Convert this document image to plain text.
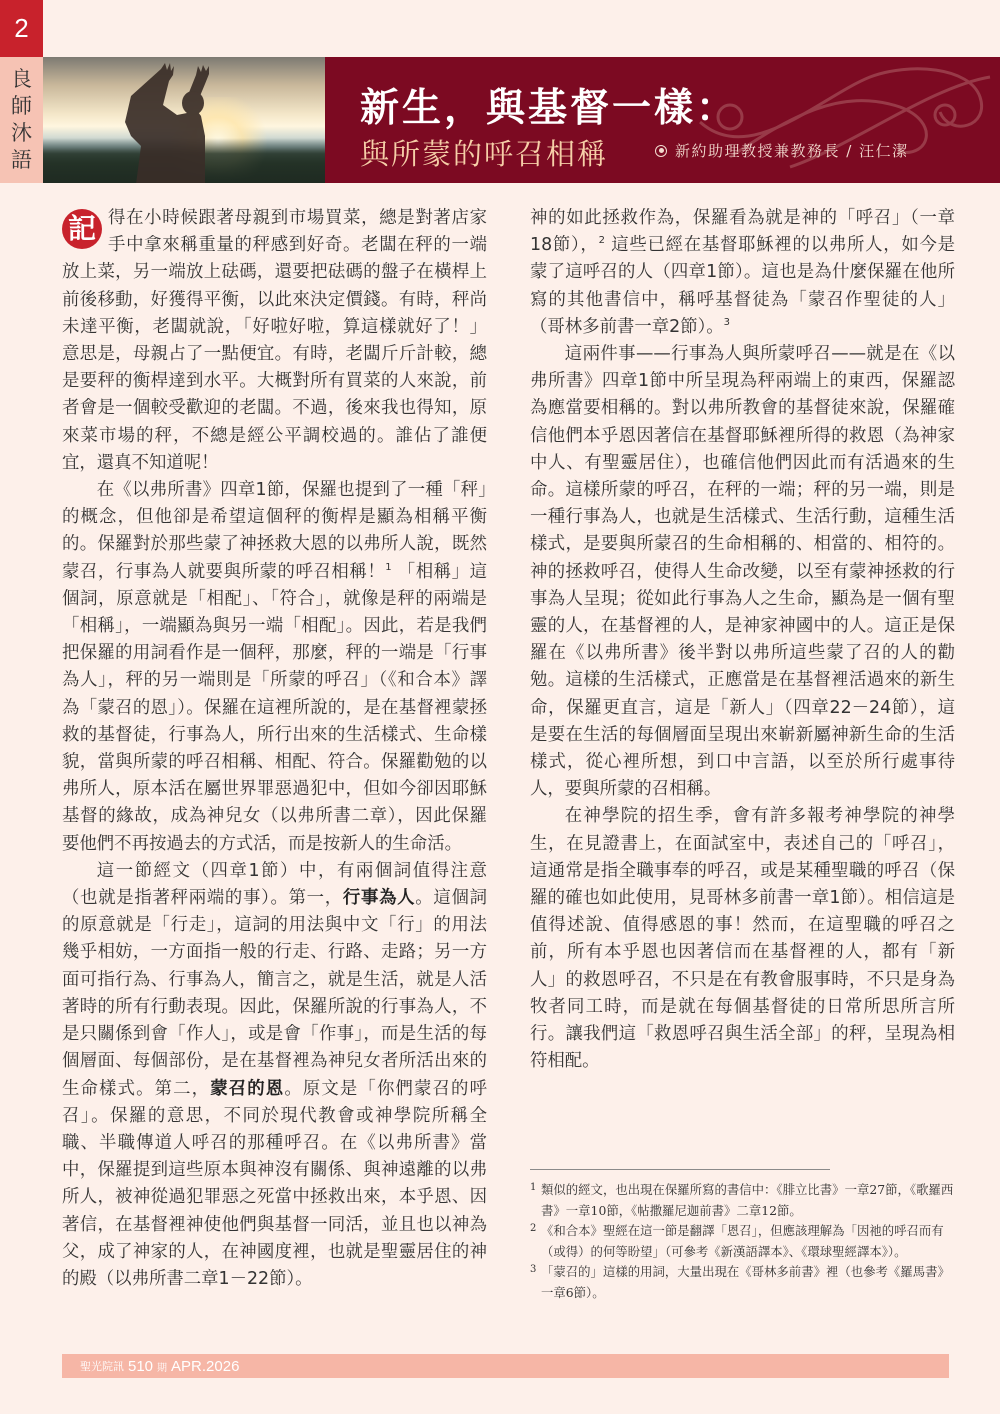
2
良
師
沐
語
新生，與基督一樣：
與所蒙的呼召相稱	新約助理教授兼教務長 / 汪仁潔

記 得在小時候跟著母親到市場買菜，總是對著店家手中拿來稱重量的秤感到好奇。老闆在秤的一端放上菜，另一端放上砝碼，還要把砝碼的盤子在橫桿上前後移動，好獲得平衡，以此來決定價錢。有時，秤尚未達平衡，老闆就說，「好啦好啦，算這樣就好了！」意思是，母親占了一點便宜。有時，老闆斤斤計較，總是要秤的衡桿達到水平。大概對所有買菜的人來說，前者會是一個較受歡迎的老闆。不過，後來我也得知，原來菜市場的秤，不總是經公平調校過的。誰佔了誰便宜，還真不知道呢！

在《以弗所書》四章1節，保羅也提到了一種「秤」的概念，但他卻是希望這個秤的衡桿是顯為相稱平衡的。保羅對於那些蒙了神拯救大恩的以弗所人說，既然蒙召，行事為人就要與所蒙的呼召相稱！$^1$ 「相稱」這個詞，原意就是「相配」、「符合」，就像是秤的兩端是「相稱」，一端顯為與另一端「相配」。因此，若是我們把保羅的用詞看作是一個秤，那麼，秤的一端是「行事為人」，秤的另一端則是「所蒙的呼召」（《和合本》譯為「蒙召的恩」）。保羅在這裡所說的，是在基督裡蒙拯救的基督徒，行事為人，所行出來的生活樣式、生命樣貌，當與所蒙的呼召相稱、相配、符合。保羅勸勉的以弗所人，原本活在屬世界罪惡過犯中，但如今卻因耶穌基督的緣故，成為神兒女（以弗所書二章），因此保羅要他們不再按過去的方式活，而是按新人的生命活。

這一節經文（四章1節）中，有兩個詞值得注意（也就是指著秤兩端的事）。第一，行事為人。這個詞的原意就是「行走」，這詞的用法與中文「行」的用法幾乎相妨，一方面指一般的行走、行路、走路；另一方面可指行為、行事為人，簡言之，就是生活，就是人活著時的所有行動表現。因此，保羅所說的行事為人，不是只關係到會「作人」，或是會「作事」，而是生活的每個層面、每個部份，是在基督裡為神兒女者所活出來的生命樣式。第二，蒙召的恩。原文是「你們蒙召的呼召」。保羅的意思，不同於現代教會或神學院所稱全職、半職傳道人呼召的那種呼召。在《以弗所書》當中，保羅提到這些原本與神沒有關係、與神遠離的以弗所人，被神從過犯罪惡之死當中拯救出來，本乎恩、因著信，在基督裡神使他們與基督一同活，並且也以神為父，成了神家的人，在神國度裡，也就是聖靈居住的神的殿（以弗所書二章1－22節）。

神的如此拯救作為，保羅看為就是神的「呼召」（一章18節），$^2$ 這些已經在基督耶穌裡的以弗所人，如今是蒙了這呼召的人（四章1節）。這也是為什麼保羅在他所寫的其他書信中，稱呼基督徒為「蒙召作聖徒的人」（哥林多前書一章2節）。$^3$

這兩件事——行事為人與所蒙呼召——就是在《以弗所書》四章1節中所呈現為秤兩端上的東西，保羅認為應當要相稱的。對以弗所教會的基督徒來說，保羅確信他們本乎恩因著信在基督耶穌裡所得的救恩（為神家中人、有聖靈居住），也確信他們因此而有活過來的生命。這樣所蒙的呼召，在秤的一端；秤的另一端，則是一種行事為人，也就是生活樣式、生活行動，這種生活樣式，是要與所蒙召的生命相稱的、相當的、相符的。神的拯救呼召，使得人生命改變，以至有蒙神拯救的行事為人呈現；從如此行事為人之生命，顯為是一個有聖靈的人，在基督裡的人，是神家神國中的人。這正是保羅在《以弗所書》後半對以弗所這些蒙了召的人的勸勉。這樣的生活樣式，正應當是在基督裡活過來的新生命，保羅更直言，這是「新人」（四章22－24節），這是要在生活的每個層面呈現出來嶄新屬神新生命的生活樣式，從心裡所想，到口中言語，以至於所行處事待人，要與所蒙的召相稱。

在神學院的招生季，會有許多報考神學院的神學生，在見證書上，在面試室中，表述自己的「呼召」，這通常是指全職事奉的呼召，或是某種聖職的呼召（保羅的確也如此使用，見哥林多前書一章1節）。相信這是值得述說、值得感恩的事！然而，在這聖職的呼召之前，所有本乎恩也因著信而在基督裡的人，都有「新人」的救恩呼召，不只是在有教會服事時，不只是身為牧者同工時，而是就在每個基督徒的日常所思所言所行。讓我們這「救恩呼召與生活全部」的秤，呈現為相符相配。

1 類似的經文，也出現在保羅所寫的書信中：《腓立比書》一章27節，《歌羅西書》一章10節，《帖撒羅尼迦前書》二章12節。
2 《和合本》聖經在這一節是翻譯「恩召」，但應該理解為「因祂的呼召而有（或得）的何等盼望」（可參考《新漢語譯本》、《環球聖經譯本》）。
3 「蒙召的」這樣的用詞，大量出現在《哥林多前書》裡（也參考《羅馬書》一章6節）。
聖光院訊 510 期 APR.2026
